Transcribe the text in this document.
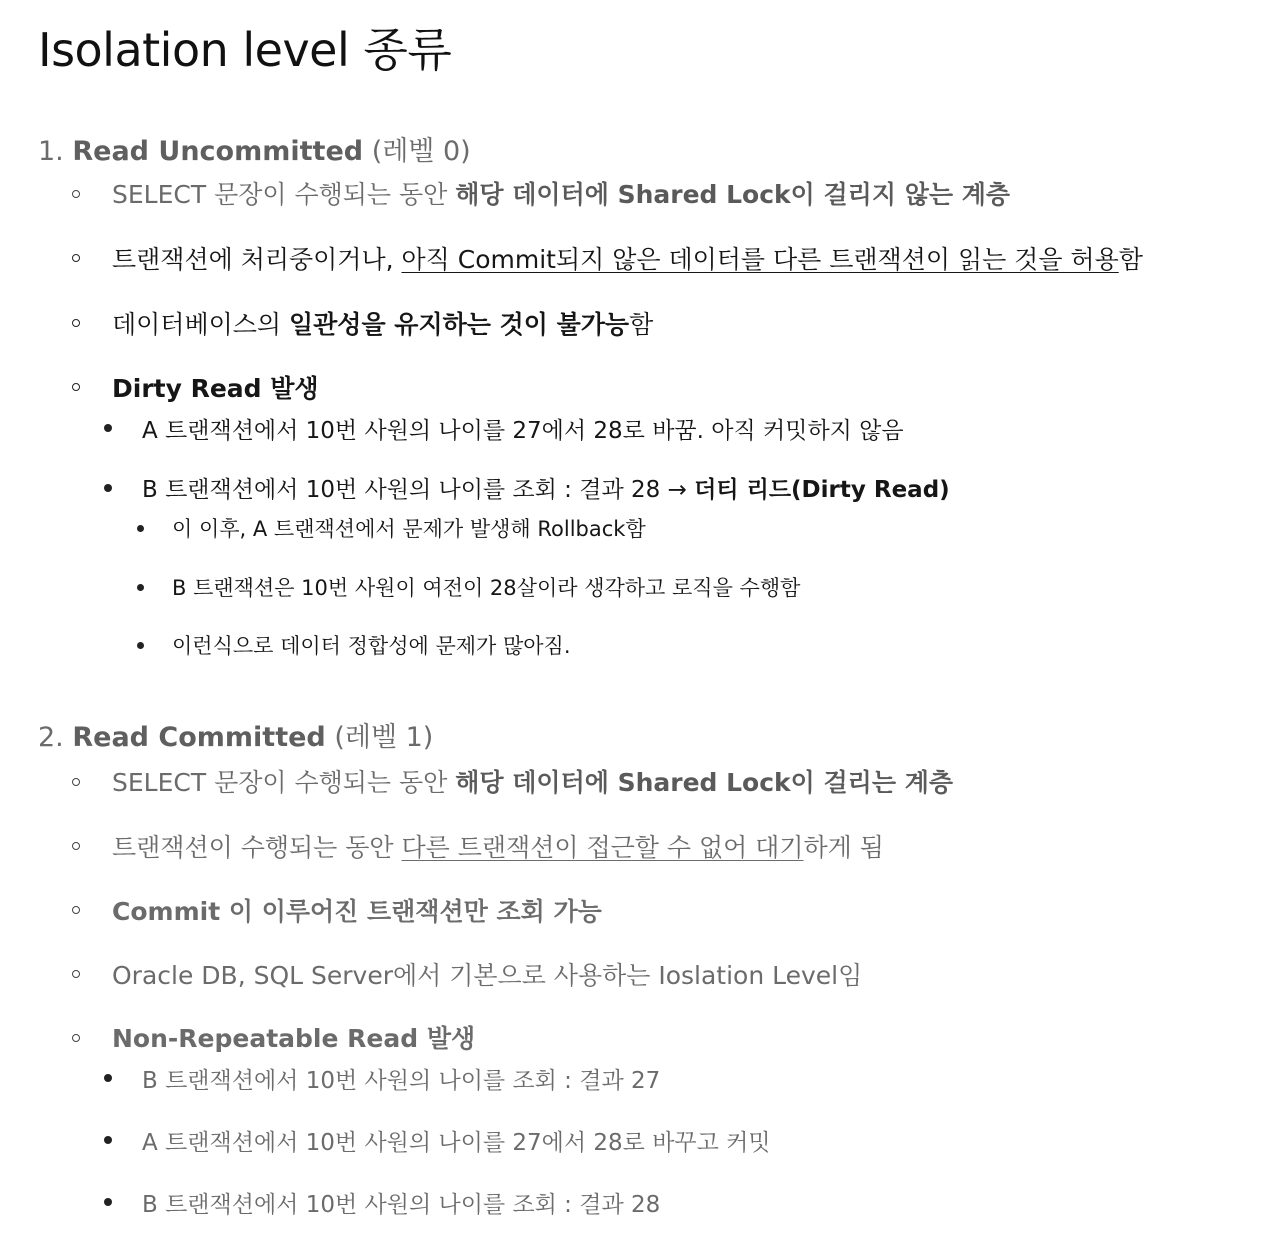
Isolation level 종류
1. Read Uncommitted (레벨 0)
SELECT 문장이 수행되는 동안 해당 데이터에 Shared Lock이 걸리지 않는 계층
트랜잭션에 처리중이거나, 아직 Commit되지 않은 데이터를 다른 트랜잭션이 읽는 것을 허용함
데이터베이스의 일관성을 유지하는 것이 불가능함
Dirty Read 발생
A 트랜잭션에서 10번 사원의 나이를 27에서 28로 바꿈. 아직 커밋하지 않음
B 트랜잭션에서 10번 사원의 나이를 조회 : 결과 28 → 더티 리드(Dirty Read)
이 이후, A 트랜잭션에서 문제가 발생해 Rollback함
B 트랜잭션은 10번 사원이 여전이 28살이라 생각하고 로직을 수행함
이런식으로 데이터 정합성에 문제가 많아짐.
2. Read Committed (레벨 1)
SELECT 문장이 수행되는 동안 해당 데이터에 Shared Lock이 걸리는 계층
트랜잭션이 수행되는 동안 다른 트랜잭션이 접근할 수 없어 대기하게 됨
Commit 이 이루어진 트랜잭션만 조회 가능
Oracle DB, SQL Server에서 기본으로 사용하는 Ioslation Level임
Non-Repeatable Read 발생
B 트랜잭션에서 10번 사원의 나이를 조회 : 결과 27
A 트랜잭션에서 10번 사원의 나이를 27에서 28로 바꾸고 커밋
B 트랜잭션에서 10번 사원의 나이를 조회 : 결과 28
